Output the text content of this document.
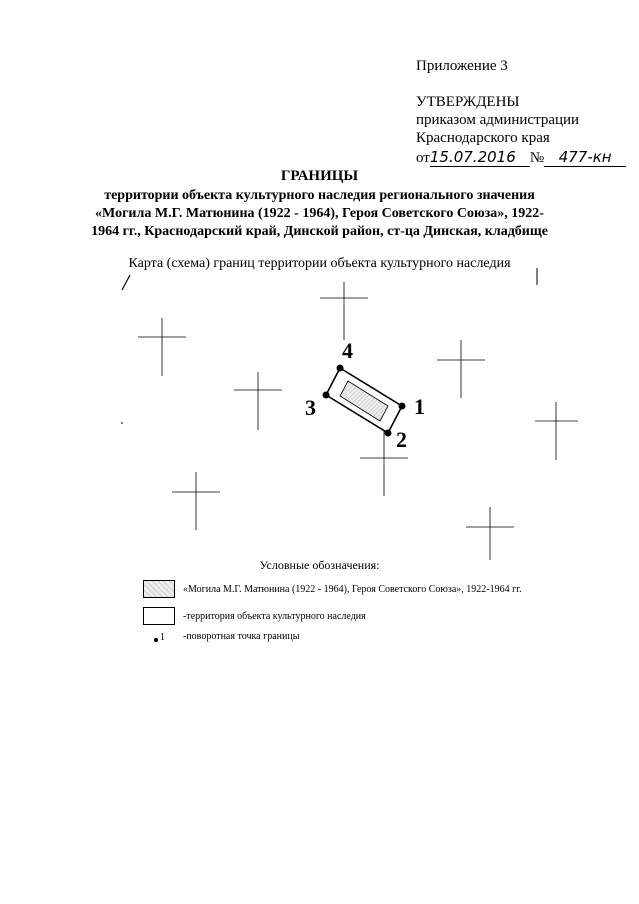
Приложение 3
УТВЕРЖДЕНЫ
приказом администрации
Краснодарского края
от15.07.2016 № 477-кн
ГРАНИЦЫ
территории объекта культурного наследия регионального значения
«Могила М.Г. Матюнина (1922 - 1964), Героя Советского Союза», 1922-
1964 гг., Краснодарский край, Динской район, ст-ца Динская, кладбище
Карта (схема) границ территории объекта культурного наследия
1
2
3
4
Условные обозначения:
«Могила М.Г. Матюнина (1922 - 1964), Героя Советского Союза», 1922-1964 гг.
-территория объекта культурного наследия
1 -поворотная точка границы
